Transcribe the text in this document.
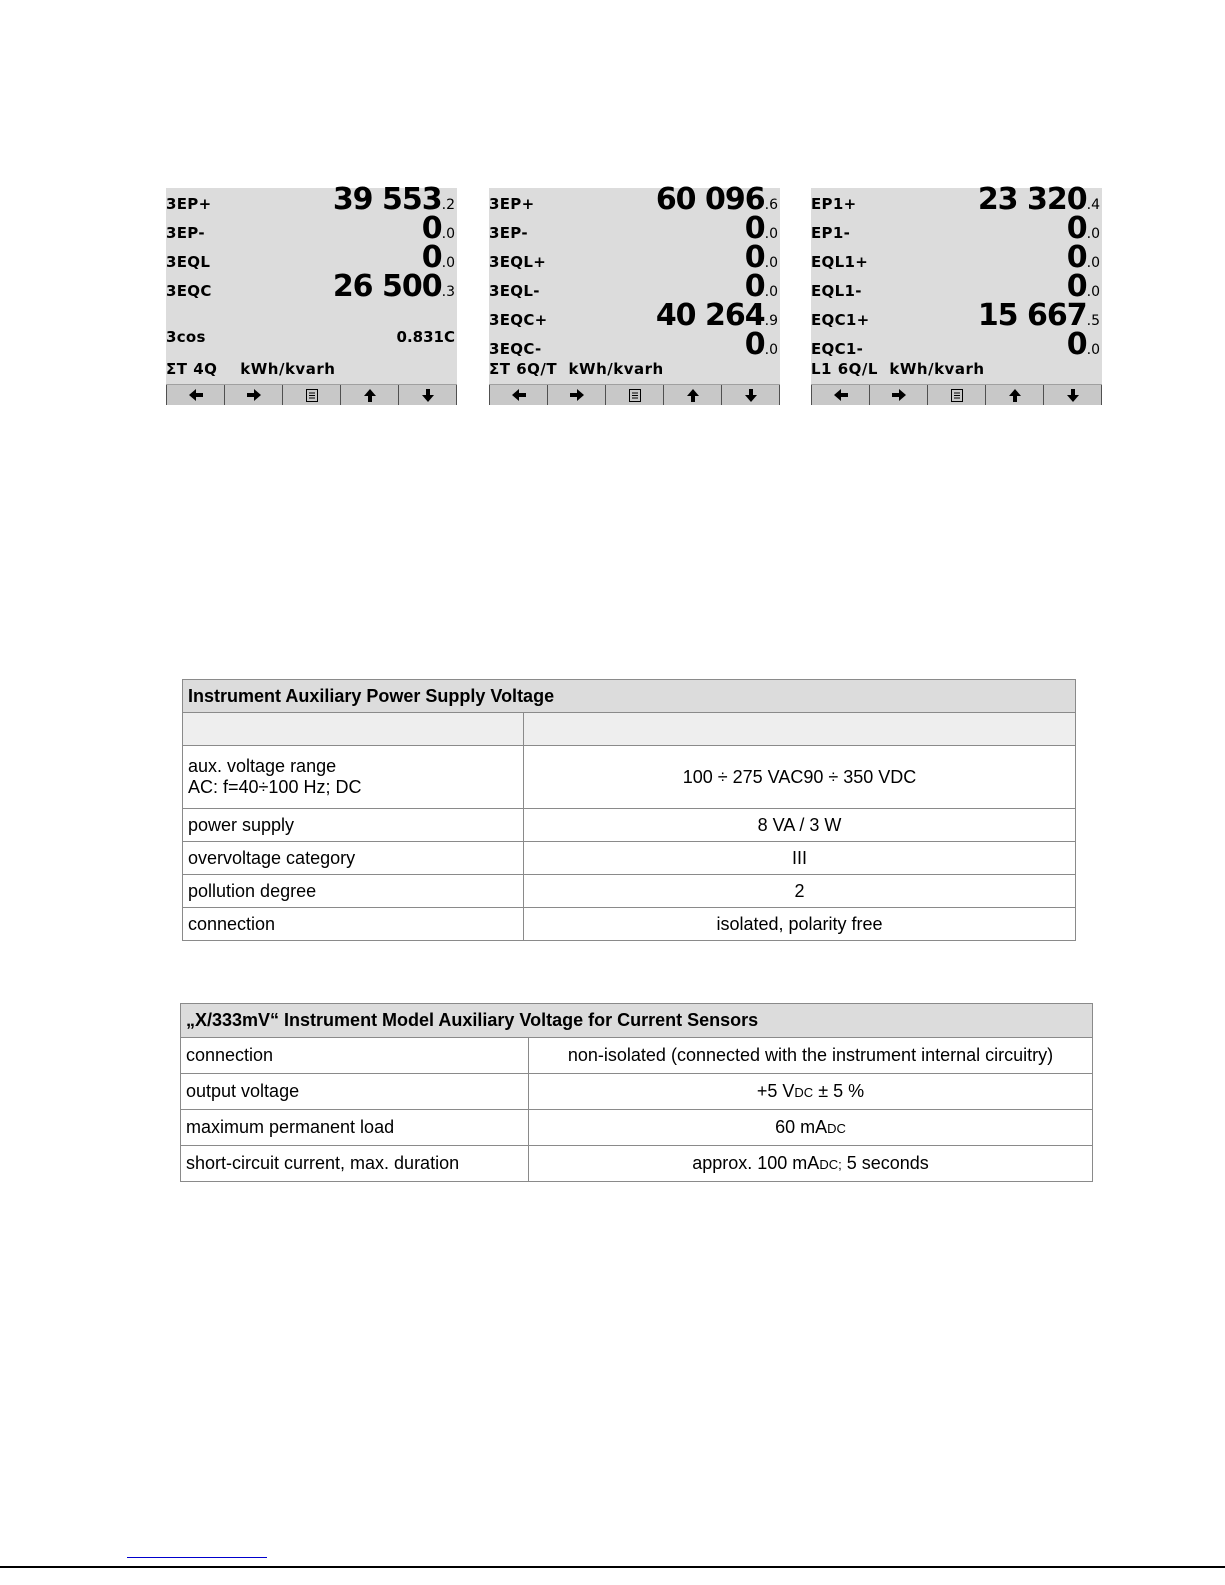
3EP+	39 553.2
3EP-	0.0
3EQL	0.0
3EQC	26 500.3
3cos	0.831C
ΣT 4Q    kWh/kvarh
3EP+	60 096.6
3EP-	0.0
3EQL+	0.0
3EQL-	0.0
3EQC+	40 264.9
3EQC-	0.0
ΣT 6Q/T  kWh/kvarh
EP1+	23 320.4
EP1-	0.0
EQL1+	0.0
EQL1-	0.0
EQC1+	15 667.5
EQC1-	0.0
L1 6Q/L  kWh/kvarh
Instrument Auxiliary Power Supply Voltage	

aux. voltage range
AC: f=40÷100 Hz; DC	100 ÷ 275 VAC90 ÷ 350 VDC

power supply	8 VA / 3 W

overvoltage category	III

pollution degree	2

connection	isolated, polarity free
„X/333mV“ Instrument Model Auxiliary Voltage for Current Sensors	
connection	non-isolated (connected with the instrument internal circuitry)
output voltage	+5 VDC ± 5 %
maximum permanent load	60 mADC
short-circuit current, max. duration	approx. 100 mADC; 5 seconds
